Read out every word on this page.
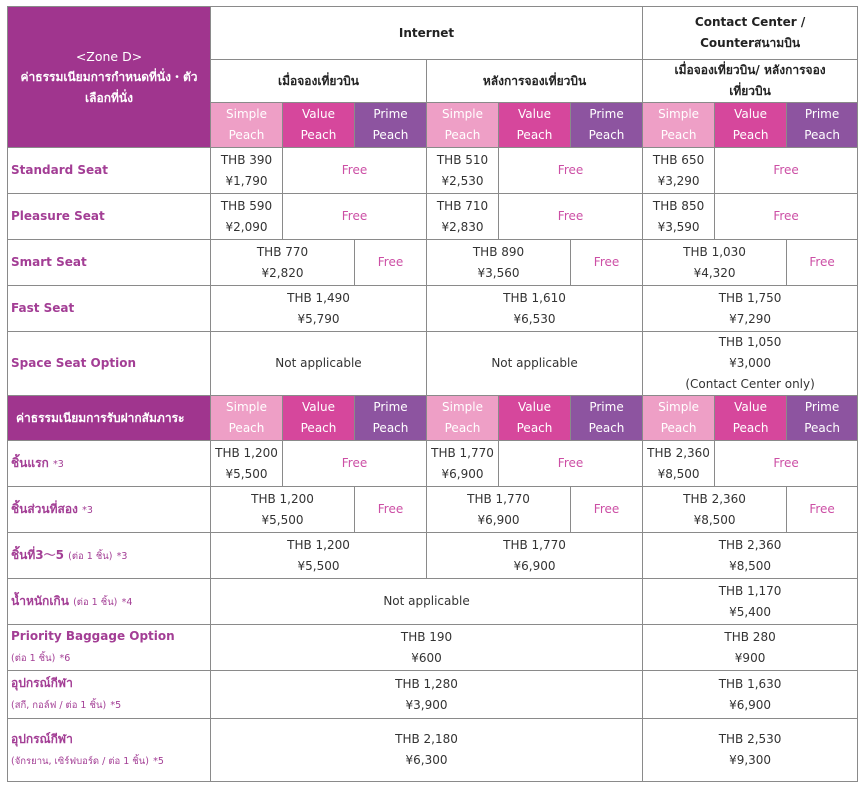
<Zone D>
ค่าธรรมเนียมการกำหนดที่นั่ง・ตัวเลือกที่นั่ง	Internet						Contact Center /
Counterสนามบิน		

	เมื่อจองเที่ยวบิน			หลังการจองเที่ยวบิน			เมื่อจองเที่ยวบิน/ หลังการจอง
เที่ยวบิน		

	Simple
Peach	Value
Peach	Prime
Peach	Simple
Peach	Value
Peach	Prime
Peach	Simple
Peach	Value
Peach	Prime
Peach

Standard Seat	THB 390
¥1,790	Free		THB 510
¥2,530	Free		THB 650
¥3,290	Free	
Pleasure Seat	THB 590
¥2,090	Free		THB 710
¥2,830	Free		THB 850
¥3,590	Free	
Smart Seat	THB 770
¥2,820		Free	THB 890
¥3,560		Free	THB 1,030
¥4,320		Free
Fast Seat	THB 1,490
¥5,790			THB 1,610
¥6,530			THB 1,750
¥7,290		

Space Seat Option	Not applicable			Not applicable			THB 1,050
¥3,000
(Contact Center only)		

ค่าธรรมเนียมการรับฝากสัมภาระ	Simple
Peach	Value
Peach	Prime
Peach	Simple
Peach	Value
Peach	Prime
Peach	Simple
Peach	Value
Peach	Prime
Peach

ชิ้นแรก *3	THB 1,200
¥5,500	Free		THB 1,770
¥6,900	Free		THB 2,360
¥8,500	Free	
ชิ้นส่วนที่สอง *3	THB 1,200
¥5,500		Free	THB 1,770
¥6,900		Free	THB 2,360
¥8,500		Free
ชิ้นที่3～5 (ต่อ 1 ชิ้น) *3	THB 1,200
¥5,500			THB 1,770
¥6,900			THB 2,360
¥8,500		

น้ำหนักเกิน (ต่อ 1 ชิ้น) *4	Not applicable						THB 1,170
¥5,400		

Priority Baggage Option
(ต่อ 1 ชิ้น) *6	THB 190
¥600						THB 280
¥900		

อุปกรณ์กีฬา
(สกี, กอล์ฟ / ต่อ 1 ชิ้น) *5	THB 1,280
¥3,900						THB 1,630
¥6,900		

อุปกรณ์กีฬา
(จักรยาน, เซิร์ฟบอร์ด / ต่อ 1 ชิ้น) *5	THB 2,180
¥6,300						THB 2,530
¥9,300		
